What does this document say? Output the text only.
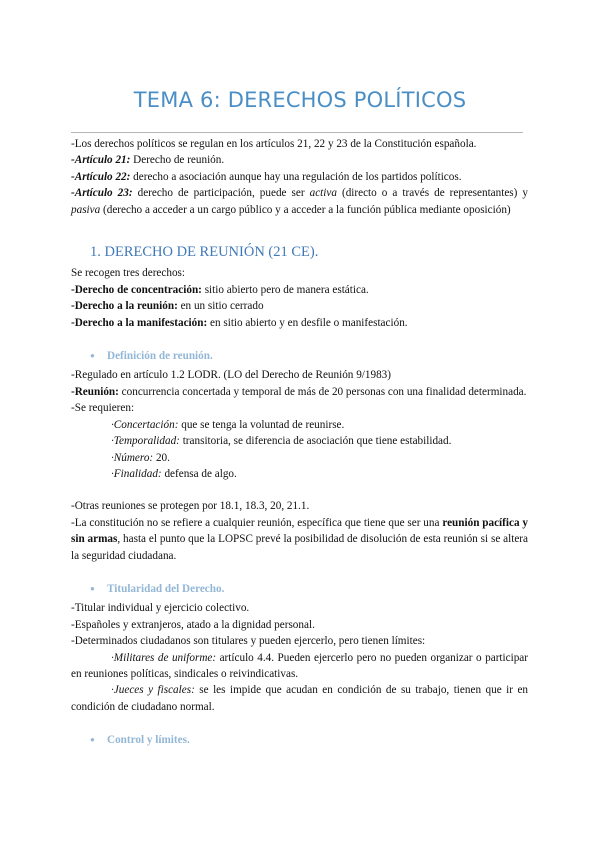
TEMA 6: DERECHOS POLÍTICOS

-Los derechos políticos se regulan en los artículos 21, 22 y 23 de la Constitución española.

-Artículo 21: Derecho de reunión.

-Artículo 22: derecho a asociación aunque hay una regulación de los partidos políticos.

-Artículo 23: derecho de participación, puede ser activa (directo o a través de representantes) y pasiva (derecho a acceder a un cargo público y a acceder a la función pública mediante oposición)

1. DERECHO DE REUNIÓN (21 CE).

Se recogen tres derechos:

-Derecho de concentración: sitio abierto pero de manera estática.

-Derecho a la reunión: en un sitio cerrado

-Derecho a la manifestación: en sitio abierto y en desfile o manifestación.

● Definición de reunión.

-Regulado en artículo 1.2 LODR. (LO del Derecho de Reunión 9/1983)

-Reunión: concurrencia concertada y temporal de más de 20 personas con una finalidad determinada.

-Se requieren:

·Concertación: que se tenga la voluntad de reunirse.

·Temporalidad: transitoria, se diferencia de asociación que tiene estabilidad.

·Número: 20.

·Finalidad: defensa de algo.

-Otras reuniones se protegen por 18.1, 18.3, 20, 21.1.

-La constitución no se refiere a cualquier reunión, específica que tiene que ser una reunión pacífica y sin armas, hasta el punto que la LOPSC prevé la posibilidad de disolución de esta reunión si se altera la seguridad ciudadana.

● Titularidad del Derecho.

-Titular individual y ejercicio colectivo.

-Españoles y extranjeros, atado a la dignidad personal.

-Determinados ciudadanos son titulares y pueden ejercerlo, pero tienen límites:

·Militares de uniforme: artículo 4.4. Pueden ejercerlo pero no pueden organizar o participar en reuniones políticas, sindicales o reivindicativas.

·Jueces y fiscales: se les impide que acudan en condición de su trabajo, tienen que ir en condición de ciudadano normal.

● Control y límites.
